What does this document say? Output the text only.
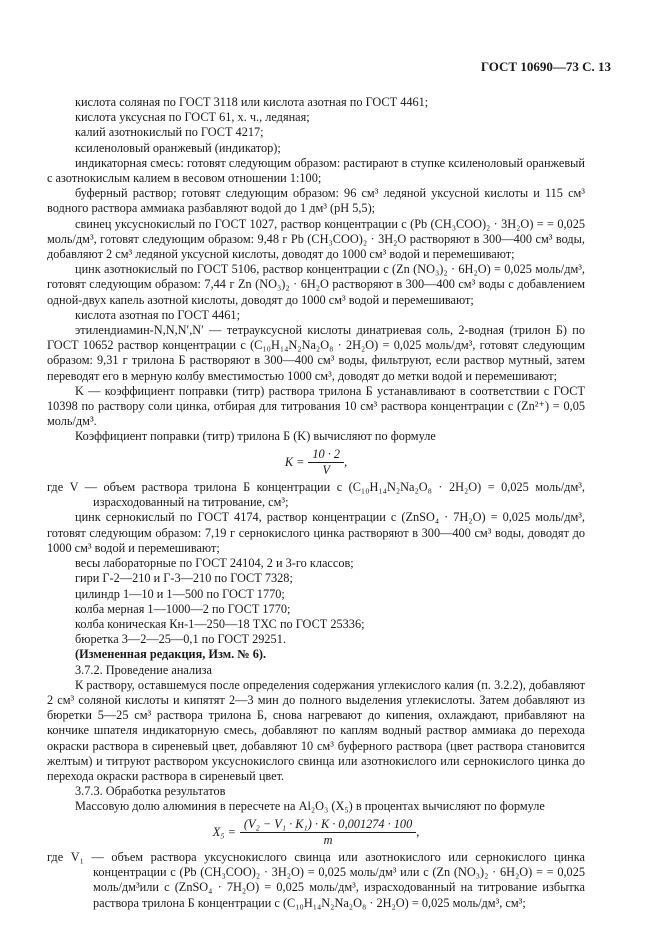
ГОСТ 10690—73 С. 13

кислота соляная по ГОСТ 3118 или кислота азотная по ГОСТ 4461;

кислота уксусная по ГОСТ 61, х. ч., ледяная;

калий азотнокислый по ГОСТ 4217;

ксиленоловый оранжевый (индикатор);

индикаторная смесь: готовят следующим образом: растирают в ступке ксиленоловый оранжевый с азотнокислым калием в весовом отношении 1:100;

буферный раствор; готовят следующим образом: 96 см³ ледяной уксусной кислоты и 115 см³ водного раствора аммиака разбавляют водой до 1 дм³ (рН 5,5);

свинец уксуснокислый по ГОСТ 1027, раствор концентрации c (Pb (CH₃COO)₂ · 3H₂O) = = 0,025 моль/дм³, готовят следующим образом: 9,48 г Pb (CH₃COO)₂ · 3H₂O растворяют в 300—400 см³ воды, добавляют 2 см³ ледяной уксусной кислоты, доводят до 1000 см³ водой и перемешивают;

цинк азотнокислый по ГОСТ 5106, раствор концентрации c (Zn (NO₃)₂ · 6H₂O) = 0,025 моль/дм³, готовят следующим образом: 7,44 г Zn (NO₃)₂ · 6H₂O растворяют в 300—400 см³ воды с добавлением одной-двух капель азотной кислоты, доводят до 1000 см³ водой и перемешивают;

кислота азотная по ГОСТ 4461;

этилендиамин-N,N,N′,N′ — тетрауксусной кислоты динатриевая соль, 2-водная (трилон Б) по ГОСТ 10652 раствор концентрации c (C₁₀H₁₄N₂Na₂O₈ · 2H₂O) = 0,025 моль/дм³, готовят следующим образом: 9,31 г трилона Б растворяют в 300—400 см³ воды, фильтруют, если раствор мутный, затем переводят его в мерную колбу вместимостью 1000 см³, доводят до метки водой и перемешивают;

K — коэффициент поправки (титр) раствора трилона Б устанавливают в соответствии с ГОСТ 10398 по раствору соли цинка, отбирая для титрования 10 см³ раствора концентрации c (Zn²⁺) = 0,05 моль/дм³.

Коэффициент поправки (титр) трилона Б (K) вычисляют по формуле

$K = \frac{10 \cdot 2}{V}$ ,

где V — объем раствора трилона Б концентрации c (C₁₀H₁₄N₂Na₂O₈ · 2H₂O) = 0,025 моль/дм³, израсходованный на титрование, см³;

цинк сернокислый по ГОСТ 4174, раствор концентрации c (ZnSO₄ · 7H₂O) = 0,025 моль/дм³, готовят следующим образом: 7,19 г сернокислого цинка растворяют в 300—400 см³ воды, доводят до 1000 см³ водой и перемешивают;

весы лабораторные по ГОСТ 24104, 2 и 3-го классов;

гири Г-2—210 и Г-3—210 по ГОСТ 7328;

цилиндр 1—10 и 1—500 по ГОСТ 1770;

колба мерная 1—1000—2 по ГОСТ 1770;

колба коническая Кн-1—250—18 ТХС по ГОСТ 25336;

бюретка 3—2—25—0,1 по ГОСТ 29251.

(Измененная редакция, Изм. № 6).

3.7.2. Проведение анализа

К раствору, оставшемуся после определения содержания углекислого калия (п. 3.2.2), добавляют 2 см³ соляной кислоты и кипятят 2—3 мин до полного выделения углекислоты. Затем добавляют из бюретки 5—25 см³ раствора трилона Б, снова нагревают до кипения, охлаждают, прибавляют на кончике шпателя индикаторную смесь, добавляют по каплям водный раствор аммиака до перехода окраски раствора в сиреневый цвет, добавляют 10 см³ буферного раствора (цвет раствора становится желтым) и титруют раствором уксуснокислого свинца или азотнокислого или сернокислого цинка до перехода окраски раствора в сиреневый цвет.

3.7.3. Обработка результатов

Массовую долю алюминия в пересчете на Al₂O₃ (X₅) в процентах вычисляют по формуле

$X_5 = \frac{\text{(V₂ − V₁ · K₁) · K · 0,001274 · 100}}{m}$ ,

где V₁ — объем раствора уксуснокислого свинца или азотнокислого или сернокислого цинка концентрации c (Pb (CH₃COO)₂ · 3H₂O) = 0,025 моль/дм³ или c (Zn (NO₃)₂ · 6H₂O) = = 0,025 моль/дм³или c (ZnSO₄ · 7H₂O) = 0,025 моль/дм³, израсходованный на титрование избытка раствора трилона Б концентрации c (C₁₀H₁₄N₂Na₂O₈ · 2H₂O) = 0,025 моль/дм³, см³;
